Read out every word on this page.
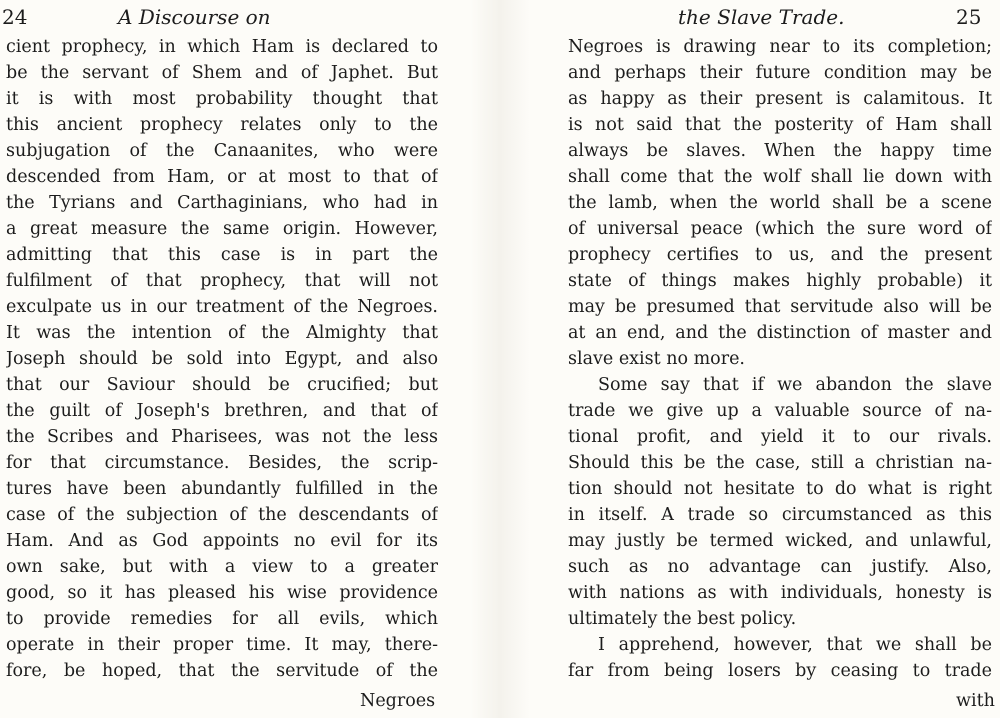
24	A Discourse on
cient prophecy, in which Ham is declared to
be the servant of Shem and of Japhet. But
it is with most probability thought that
this ancient prophecy relates only to the
subjugation of the Canaanites, who were
descended from Ham, or at most to that of
the Tyrians and Carthaginians, who had in
a great measure the same origin. However,
admitting that this case is in part the
fulfilment of that prophecy, that will not
exculpate us in our treatment of the Negroes.
It was the intention of the Almighty that
Joseph should be sold into Egypt, and also
that our Saviour should be crucified; but
the guilt of Joseph's brethren, and that of
the Scribes and Pharisees, was not the less
for that circumstance. Besides, the scrip-
tures have been abundantly fulfilled in the
case of the subjection of the descendants of
Ham. And as God appoints no evil for its
own sake, but with a view to a greater
good, so it has pleased his wise providence
to provide remedies for all evils, which
operate in their proper time. It may, there-
fore, be hoped, that the servitude of the
Negroes
the Slave Trade.	25
Negroes is drawing near to its completion;
and perhaps their future condition may be
as happy as their present is calamitous. It
is not said that the posterity of Ham shall
always be slaves. When the happy time
shall come that the wolf shall lie down with
the lamb, when the world shall be a scene
of universal peace (which the sure word of
prophecy certifies to us, and the present
state of things makes highly probable) it
may be presumed that servitude also will be
at an end, and the distinction of master and
slave exist no more.
Some say that if we abandon the slave
trade we give up a valuable source of na-
tional profit, and yield it to our rivals.
Should this be the case, still a christian na-
tion should not hesitate to do what is right
in itself. A trade so circumstanced as this
may justly be termed wicked, and unlawful,
such as no advantage can justify. Also,
with nations as with individuals, honesty is
ultimately the best policy.
I apprehend, however, that we shall be
far from being losers by ceasing to trade
with
